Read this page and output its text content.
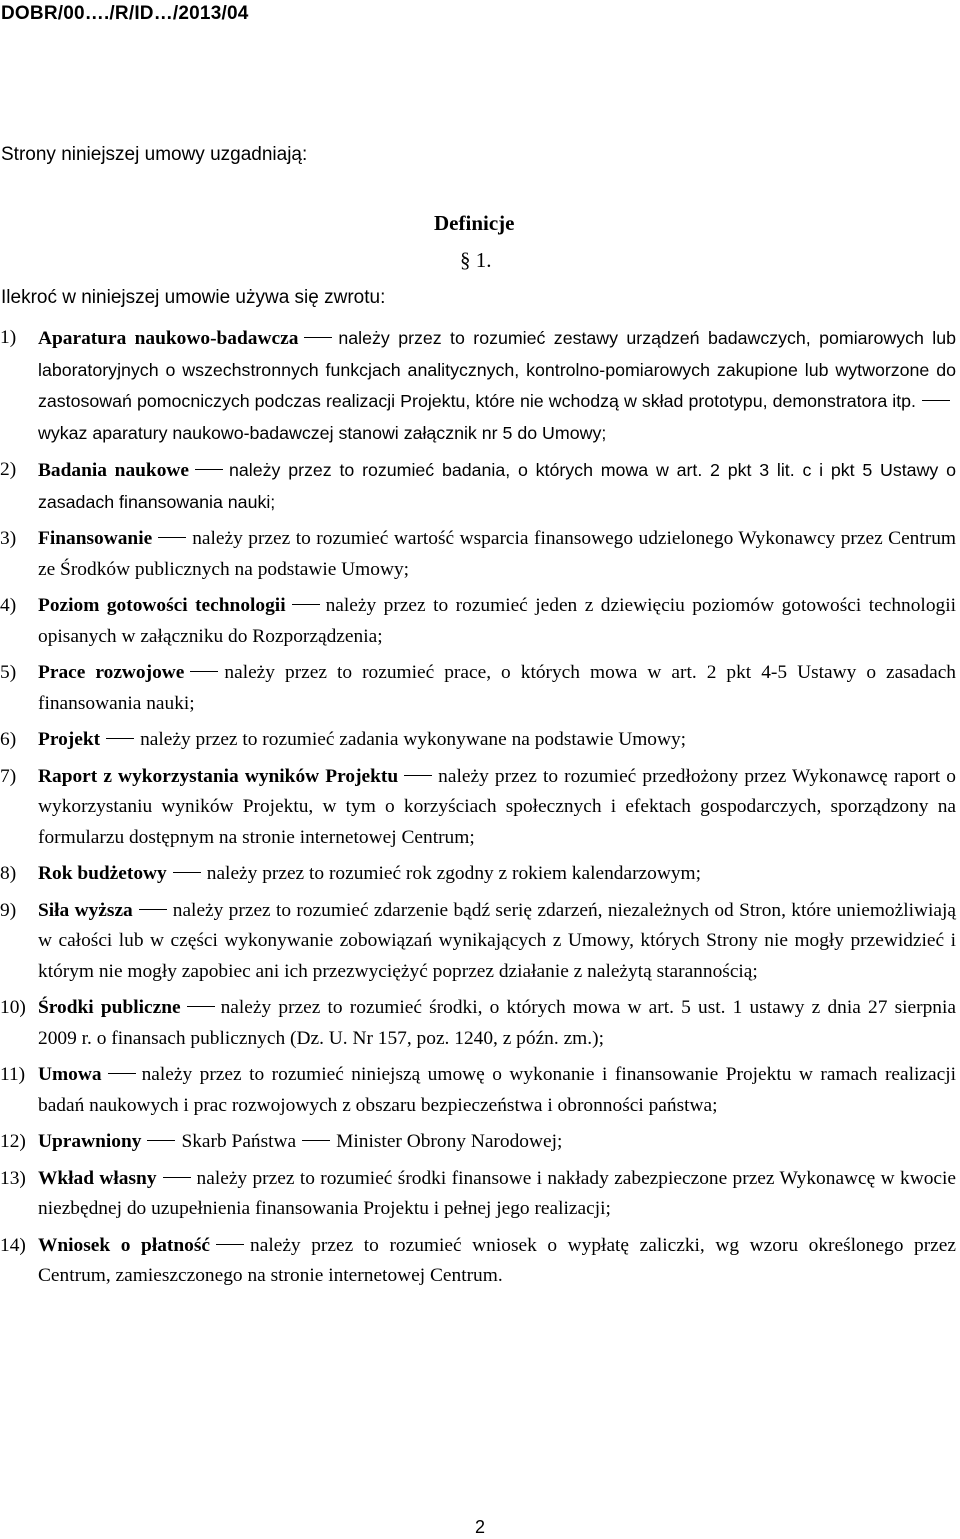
DOBR/00…./R/ID…/2013/04
Strony niniejszej umowy uzgadniają:
Definicje
§ 1.
Ilekroć w niniejszej umowie używa się zwrotu:
1) Aparatura naukowo-badawcza należy przez to rozumieć zestawy urządzeń badawczych, pomiarowych lub laboratoryjnych o wszechstronnych funkcjach analitycznych, kontrolno-pomiarowych zakupione lub wytworzone do zastosowań pomocniczych podczas realizacji Projektu, które nie wchodzą w skład prototypu, demonstratora itp.wykaz aparatury naukowo-badawczej stanowi załącznik nr 5 do Umowy;
2) Badania naukowe należy przez to rozumieć badania, o których mowa w art. 2 pkt 3 lit. c i pkt 5 Ustawy o zasadach finansowania nauki;
3) Finansowanie należy przez to rozumieć wartość wsparcia finansowego udzielonego Wykonawcy przez Centrum ze Środków publicznych na podstawie Umowy;
4) Poziom gotowości technologii należy przez to rozumieć jeden z dziewięciu poziomów gotowości technologii opisanych w załączniku do Rozporządzenia;
5) Prace rozwojowe należy przez to rozumieć prace, o których mowa w art. 2 pkt 4-5 Ustawy o zasadach finansowania nauki;
6) Projekt należy przez to rozumieć zadania wykonywane na podstawie Umowy;
7) Raport z wykorzystania wyników Projektu należy przez to rozumieć przedłożony przez Wykonawcę raport o wykorzystaniu wyników Projektu, w tym o korzyściach społecznych i efektach gospodarczych, sporządzony na formularzu dostępnym na stronie internetowej Centrum;
8) Rok budżetowy należy przez to rozumieć rok zgodny z rokiem kalendarzowym;
9) Siła wyższa należy przez to rozumieć zdarzenie bądź serię zdarzeń, niezależnych od Stron, które uniemożliwiają w całości lub w części wykonywanie zobowiązań wynikających z Umowy, których Strony nie mogły przewidzieć i którym nie mogły zapobiec ani ich przezwyciężyć poprzez działanie z należytą starannością;
10) Środki publiczne należy przez to rozumieć środki, o których mowa w art. 5 ust. 1 ustawy z dnia 27 sierpnia 2009 r. o finansach publicznych (Dz. U. Nr 157, poz. 1240, z późn. zm.);
11) Umowa należy przez to rozumieć niniejszą umowę o wykonanie i finansowanie Projektu w ramach realizacji badań naukowych i prac rozwojowych z obszaru bezpieczeństwa i obronności państwa;
12) Uprawniony Skarb Państwa Minister Obrony Narodowej;
13) Wkład własny należy przez to rozumieć środki finansowe i nakłady zabezpieczone przez Wykonawcę w kwocie niezbędnej do uzupełnienia finansowania Projektu i pełnej jego realizacji;
14) Wniosek o płatność należy przez to rozumieć wniosek o wypłatę zaliczki, wg wzoru określonego przez Centrum, zamieszczonego na stronie internetowej Centrum.
2
